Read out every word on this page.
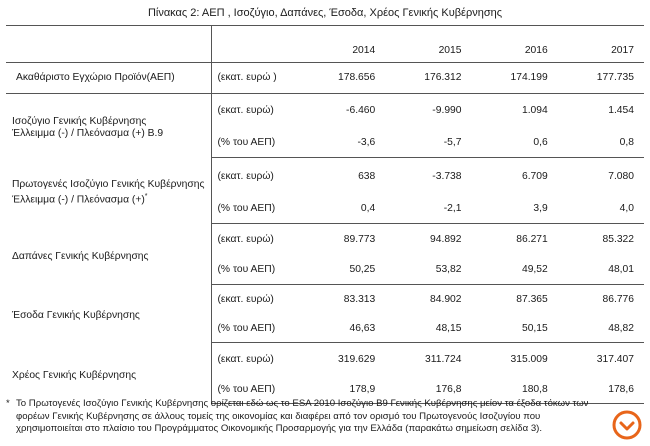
Πίνακας 2: ΑΕΠ , Ισοζύγιο, Δαπάνες, Έσοδα, Χρέος Γενικής Κυβέρνησης
		2014	2015	2016	2017
Ακαθάριστο Εγχώριο Προϊόν(ΑΕΠ)	(εκατ. ευρώ )	178.656	176.312	174.199	177.735

Ισοζύγιο Γενικής Κυβέρνησης
Έλλειμμα (-) / Πλεόνασμα (+) Β.9	(εκατ. ευρώ)	-6.460	-9.990	1.094	1.454
	(% του ΑΕΠ)	-3,6	-5,7	0,6	0,8

Πρωτογενές Ισοζύγιο Γενικής Κυβέρνησης
Έλλειμμα (-) / Πλεόνασμα (+)*	(εκατ. ευρώ)	638	-3.738	6.709	7.080
	(% του ΑΕΠ)	0,4	-2,1	3,9	4,0
Δαπάνες Γενικής Κυβέρνησης	(εκατ. ευρώ)	89.773	94.892	86.271	85.322
	(% του ΑΕΠ)	50,25	53,82	49,52	48,01
Έσοδα Γενικής Κυβέρνησης	(εκατ. ευρώ)	83.313	84.902	87.365	86.776
	(% του ΑΕΠ)	46,63	48,15	50,15	48,82
Χρέος Γενικής Κυβέρνησης	(εκατ. ευρώ)	319.629	311.724	315.009	317.407
	(% του ΑΕΠ)	178,9	176,8	180,8	178,6
* Το Πρωτογενές Ισοζύγιο Γενικής Κυβέρνησης ορίζεται εδώ ως το ESA 2010 Ισοζύγιο Β9 Γενικής Κυβέρνησης μείον τα έξοδα τόκων των φορέων Γενικής Κυβέρνησης σε άλλους τομείς της οικονομίας και διαφέρει από τον ορισμό του Πρωτογενούς Ισοζυγίου που χρησιμοποιείται στο πλαίσιο του Προγράμματος Οικονομικής Προσαρμογής για την Ελλάδα (παρακάτω σημείωση σελίδα 3).
